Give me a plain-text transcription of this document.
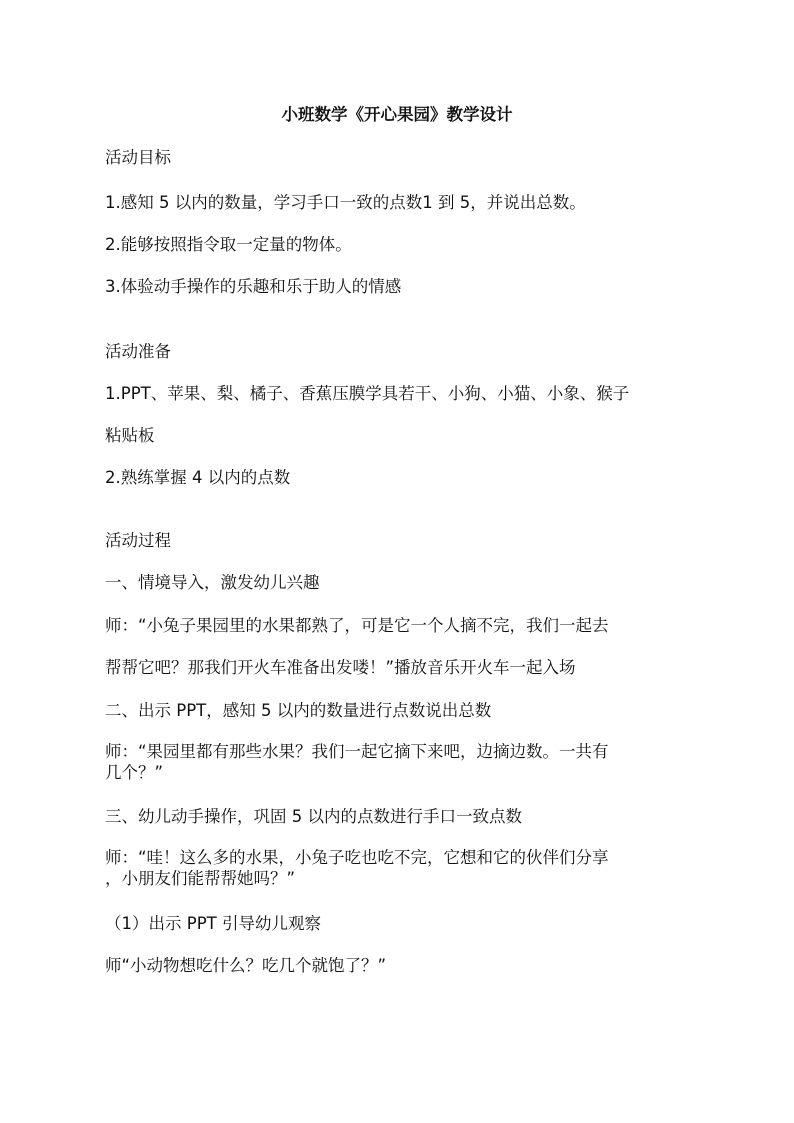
小班数学《开心果园》教学设计
活动目标
1.感知 5 以内的数量，学习手口一致的点数1 到 5，并说出总数。
2.能够按照指令取一定量的物体。
3.体验动手操作的乐趣和乐于助人的情感
活动准备
1.PPT、苹果、梨、橘子、香蕉压膜学具若干、小狗、小猫、小象、猴子
粘贴板
2.熟练掌握 4 以内的点数
活动过程
一、情境导入，激发幼儿兴趣
师：“小兔子果园里的水果都熟了，可是它一个人摘不完，我们一起去
帮帮它吧？那我们开火车准备出发喽！”播放音乐开火车一起入场
二、出示 PPT，感知 5 以内的数量进行点数说出总数
师：“果园里都有那些水果？我们一起它摘下来吧，边摘边数。一共有
几个？”
三、幼儿动手操作，巩固 5 以内的点数进行手口一致点数
师：“哇！这么多的水果，小兔子吃也吃不完，它想和它的伙伴们分享
，小朋友们能帮帮她吗？”
（1）出示 PPT 引导幼儿观察
师“小动物想吃什么？吃几个就饱了？”
